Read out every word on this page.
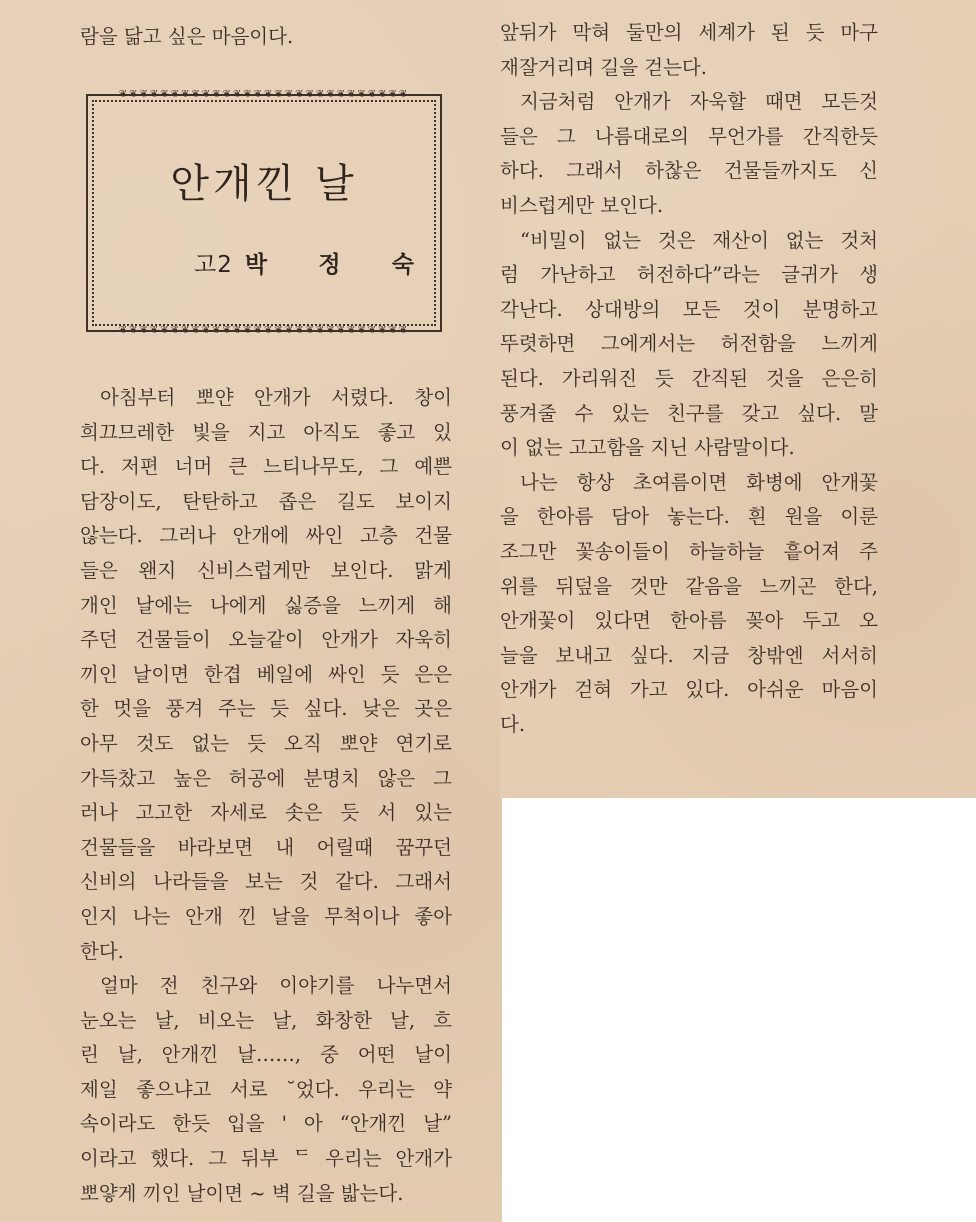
람을 닮고 싶은 마음이다.
❦❦❦❦❦❦❦❦❦❦❦❦❦❦❦❦❦❦❦❦❦❦❦❦❦❦❦❦
안개낀 날
고2 박 정 숙
❦❦❦❦❦❦❦❦❦❦❦❦❦❦❦❦❦❦❦❦❦❦❦❦❦❦❦❦
아침부터 뽀얀 안개가 서렸다. 창이
희끄므레한 빛을 지고 아직도 좋고 있
다. 저편 너머 큰 느티나무도, 그 예쁜
담장이도, 탄탄하고 좁은 길도 보이지
않는다. 그러나 안개에 싸인 고층 건물
들은 왠지 신비스럽게만 보인다. 맑게
개인 날에는 나에게 싫증을 느끼게 해
주던 건물들이 오늘같이 안개가 자욱히
끼인 날이면 한겹 베일에 싸인 듯 은은
한 멋을 풍겨 주는 듯 싶다. 낮은 곳은
아무 것도 없는 듯 오직 뽀얀 연기로
가득찼고 높은 허공에 분명치 않은 그
러나 고고한 자세로 솟은 듯 서 있는
건물들을 바라보면 내 어릴때 꿈꾸던
신비의 나라들을 보는 것 같다. 그래서
인지 나는 안개 낀 날을 무척이나 좋아
한다.
얼마 전 친구와 이야기를 나누면서
눈오는 날, 비오는 날, 화창한 날, 흐
린 날, 안개낀 날……, 중 어떤 날이
제일 좋으냐고 서로 ˘었다. 우리는 약
속이라도 한듯 입을 ' 아 “안개낀 날”
이라고 했다. 그 뒤부 ᄃ 우리는 안개가
뽀얗게 끼인 날이면 ~ 벽 길을 밟는다.
앞뒤가 막혀 둘만의 세계가 된 듯 마구
재잘거리며 길을 걷는다.
지금처럼 안개가 자욱할 때면 모든것
들은 그 나름대로의 무언가를 간직한듯
하다. 그래서 하찮은 건물들까지도 신
비스럽게만 보인다.
“비밀이 없는 것은 재산이 없는 것처
럼 가난하고 허전하다”라는 글귀가 생
각난다. 상대방의 모든 것이 분명하고
뚜렷하면 그에게서는 허전함을 느끼게
된다. 가리워진 듯 간직된 것을 은은히
풍겨줄 수 있는 친구를 갖고 싶다. 말
이 없는 고고함을 지닌 사람말이다.
나는 항상 초여름이면 화병에 안개꽃
을 한아름 담아 놓는다. 흰 원을 이룬
조그만 꽃송이들이 하늘하늘 흩어져 주
위를 뒤덮을 것만 같음을 느끼곤 한다,
안개꽃이 있다면 한아름 꽂아 두고 오
늘을 보내고 싶다. 지금 창밖엔 서서히
안개가 걷혀 가고 있다. 아쉬운 마음이
다.
